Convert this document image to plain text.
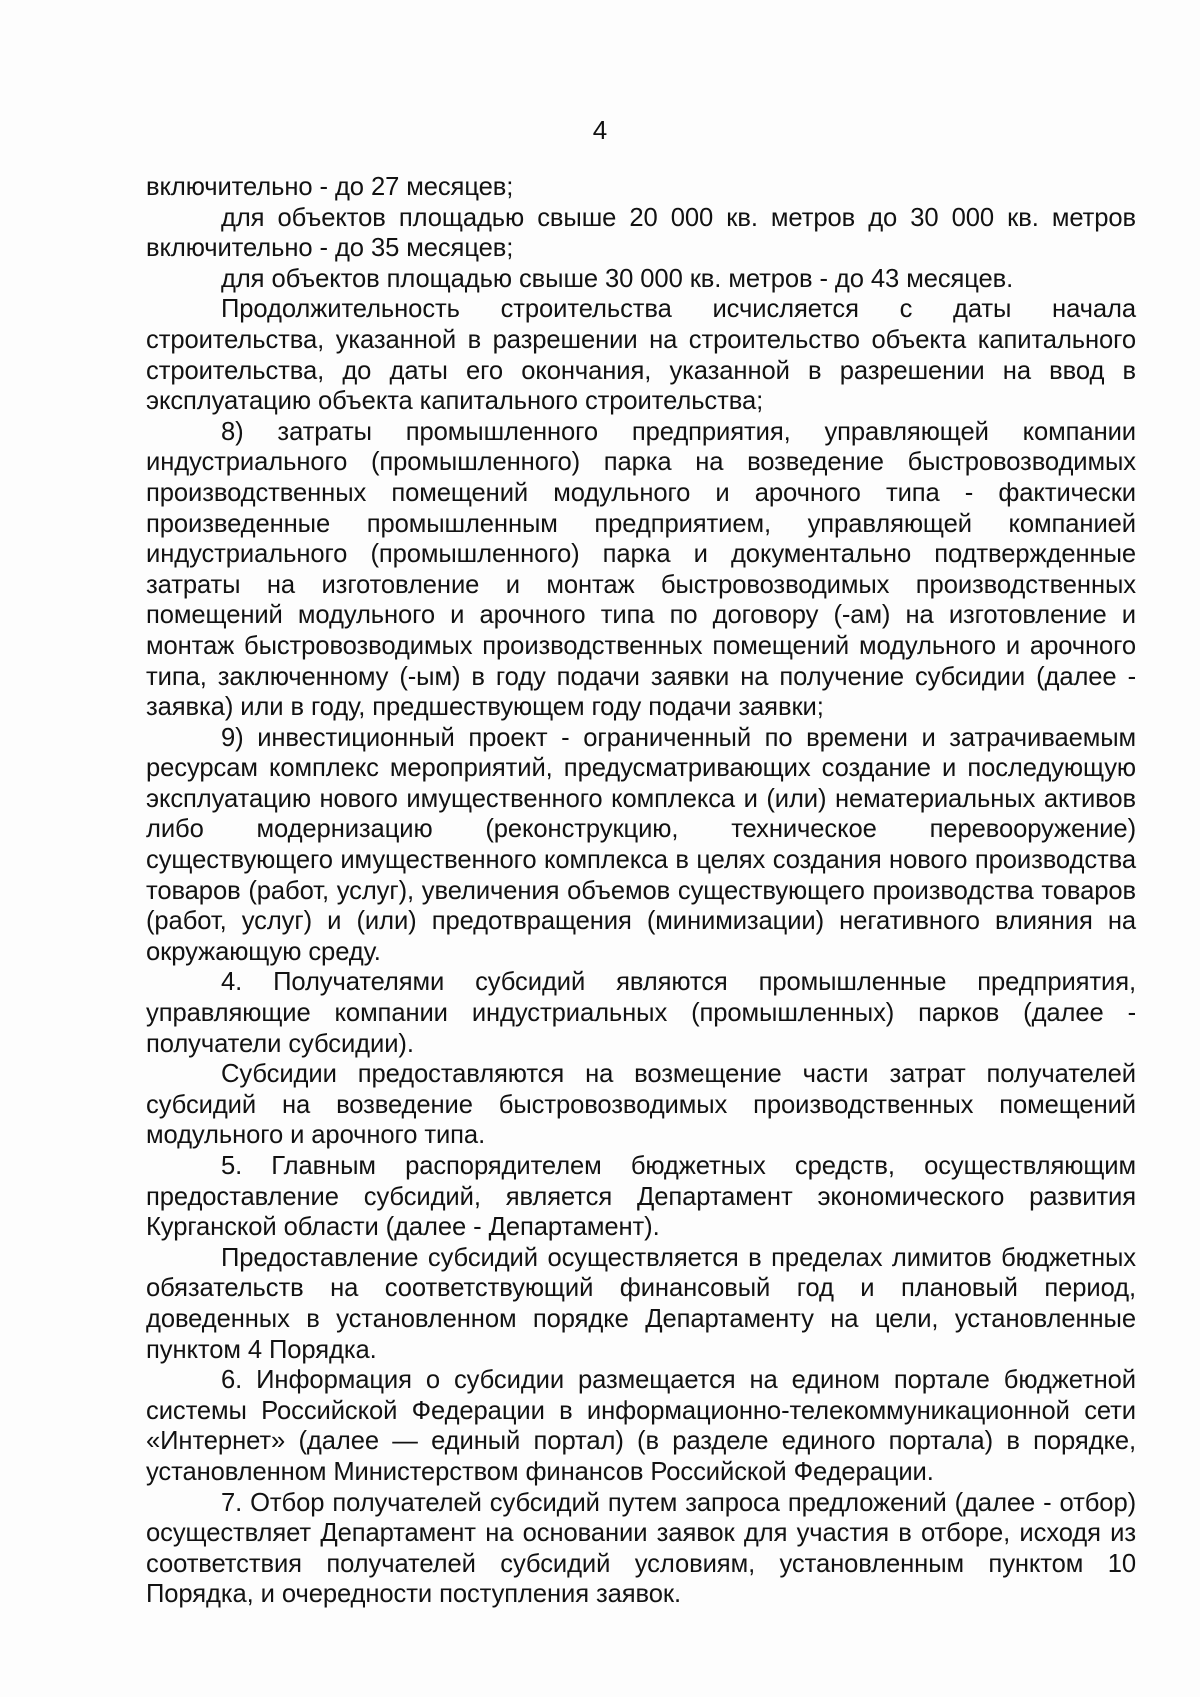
4

включительно - до 27 месяцев;

для объектов площадью свыше 20 000 кв. метров до 30 000 кв. метров включительно - до 35 месяцев;

для объектов площадью свыше 30 000 кв. метров - до 43 месяцев.

Продолжительность строительства исчисляется с даты начала строительства, указанной в разрешении на строительство объекта капитального строительства, до даты его окончания, указанной в разрешении на ввод в эксплуатацию объекта капитального строительства;

8) затраты промышленного предприятия, управляющей компании индустриального (промышленного) парка на возведение быстровозводимых производственных помещений модульного и арочного типа - фактически произведенные промышленным предприятием, управляющей компанией индустриального (промышленного) парка и документально подтвержденные затраты на изготовление и монтаж быстровозводимых производственных помещений модульного и арочного типа по договору (-ам) на изготовление и монтаж быстровозводимых производственных помещений модульного и арочного типа, заключенному (-ым) в году подачи заявки на получение субсидии (далее - заявка) или в году, предшествующем году подачи заявки;

9) инвестиционный проект - ограниченный по времени и затрачиваемым ресурсам комплекс мероприятий, предусматривающих создание и последующую эксплуатацию нового имущественного комплекса и (или) нематериальных активов либо модернизацию (реконструкцию, техническое перевооружение) существующего имущественного комплекса в целях создания нового производства товаров (работ, услуг), увеличения объемов существующего производства товаров (работ, услуг) и (или) предотвращения (минимизации) негативного влияния на окружающую среду.

4. Получателями субсидий являются промышленные предприятия, управляющие компании индустриальных (промышленных) парков (далее - получатели субсидии).

Субсидии предоставляются на возмещение части затрат получателей субсидий на возведение быстровозводимых производственных помещений модульного и арочного типа.

5. Главным распорядителем бюджетных средств, осуществляющим предоставление субсидий, является Департамент экономического развития Курганской области (далее - Департамент).

Предоставление субсидий осуществляется в пределах лимитов бюджетных обязательств на соответствующий финансовый год и плановый период, доведенных в установленном порядке Департаменту на цели, установленные пунктом 4 Порядка.

6. Информация о субсидии размещается на едином портале бюджетной системы Российской Федерации в информационно-телекоммуникационной сети «Интернет» (далее — единый портал) (в разделе единого портала) в порядке, установленном Министерством финансов Российской Федерации.

7. Отбор получателей субсидий путем запроса предложений (далее - отбор) осуществляет Департамент на основании заявок для участия в отборе, исходя из соответствия получателей субсидий условиям, установленным пунктом 10 Порядка, и очередности поступления заявок.
